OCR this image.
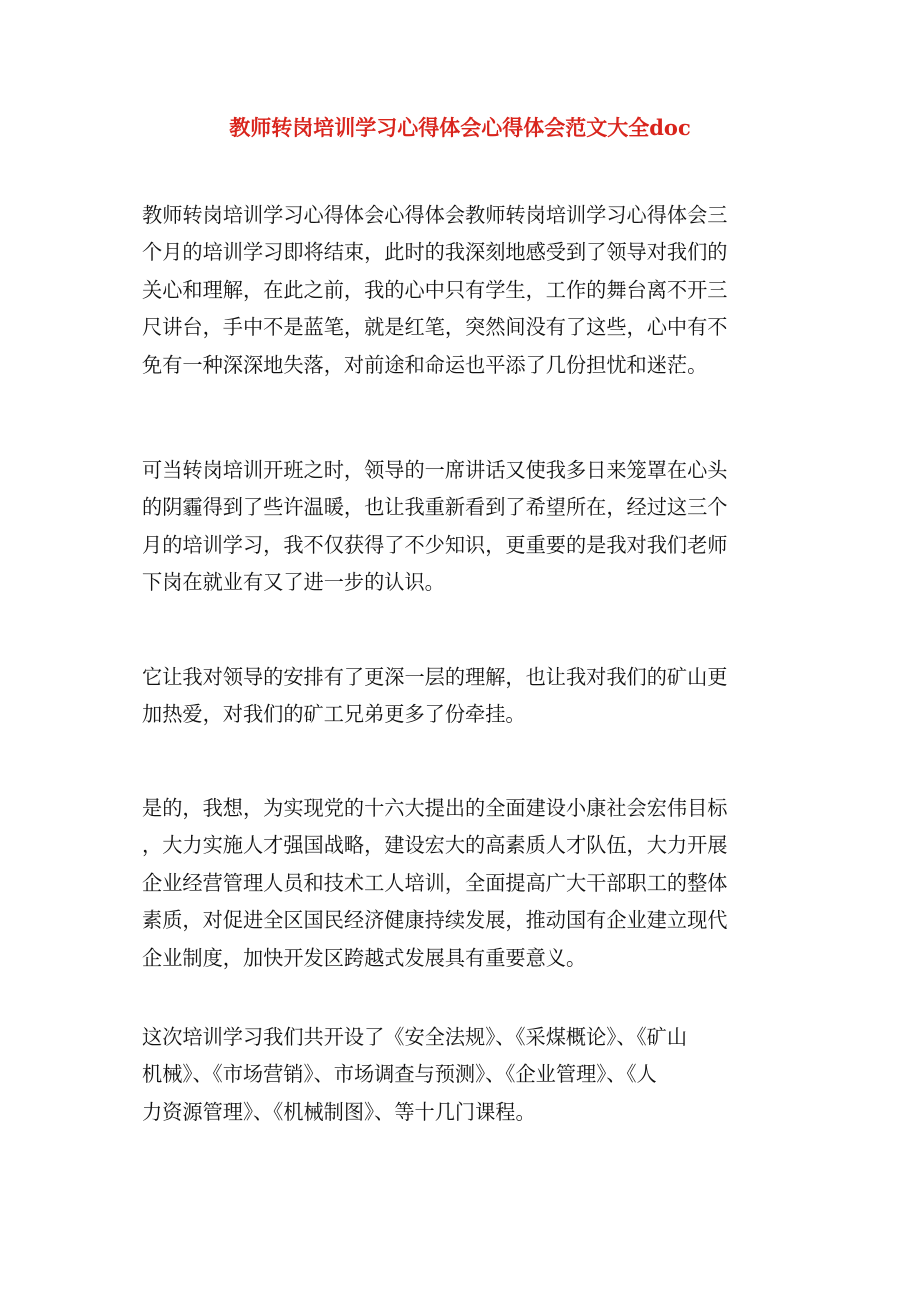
教师转岗培训学习心得体会心得体会范文大全doc

教师转岗培训学习心得体会心得体会教师转岗培训学习心得体会三
个月的培训学习即将结束，此时的我深刻地感受到了领导对我们的
关心和理解，在此之前，我的心中只有学生，工作的舞台离不开三
尺讲台，手中不是蓝笔，就是红笔，突然间没有了这些，心中有不
免有一种深深地失落，对前途和命运也平添了几份担忧和迷茫。

可当转岗培训开班之时，领导的一席讲话又使我多日来笼罩在心头
的阴霾得到了些许温暖，也让我重新看到了希望所在，经过这三个
月的培训学习，我不仅获得了不少知识，更重要的是我对我们老师
下岗在就业有又了进一步的认识。

它让我对领导的安排有了更深一层的理解，也让我对我们的矿山更
加热爱，对我们的矿工兄弟更多了份牵挂。

是的，我想，为实现党的十六大提出的全面建设小康社会宏伟目标
，大力实施人才强国战略，建设宏大的高素质人才队伍，大力开展
企业经营管理人员和技术工人培训，全面提高广大干部职工的整体
素质，对促进全区国民经济健康持续发展，推动国有企业建立现代
企业制度，加快开发区跨越式发展具有重要意义。

这次培训学习我们共开设了《安全法规》、《采煤概论》、《矿山
机械》、《市场营销》、市场调查与预测》、《企业管理》、《人
力资源管理》、《机械制图》、等十几门课程。
